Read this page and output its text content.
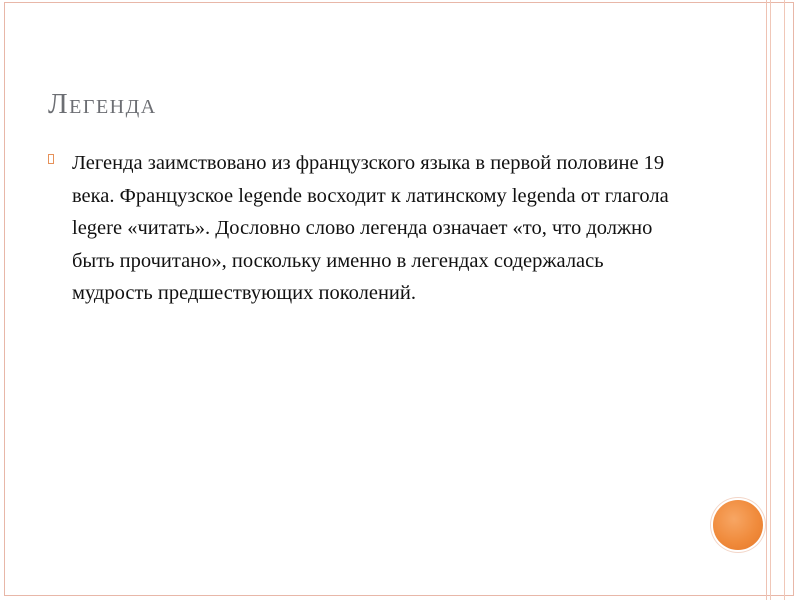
Легенда

Легенда заимствовано из французского языка в первой половине 19 века. Французское legende восходит к латинскому legenda от глагола legere «читать». Дословно слово легенда означает «то, что должно быть прочитано», поскольку именно в легендах содержалась мудрость предшествующих поколений.
